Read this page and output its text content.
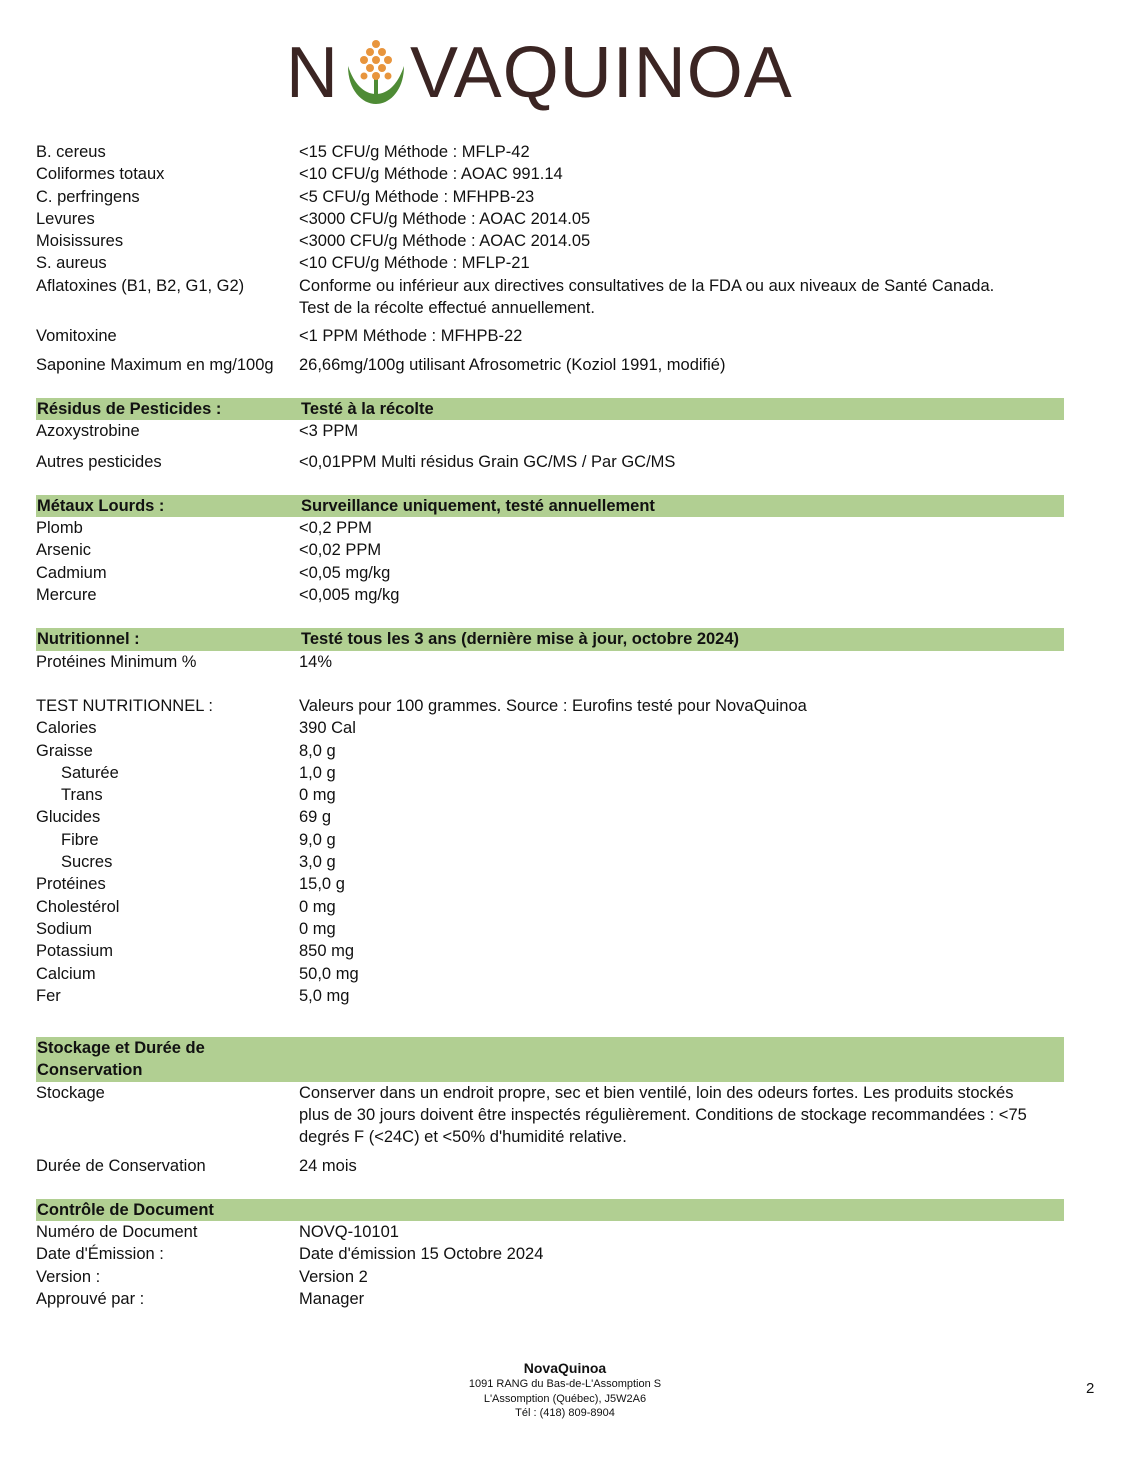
N VAQUINOA
B. cereus	<15 CFU/g Méthode : MFLP-42
Coliformes totaux	<10 CFU/g Méthode : AOAC 991.14
C. perfringens	<5 CFU/g Méthode : MFHPB-23
Levures	<3000 CFU/g Méthode : AOAC 2014.05
Moisissures	<3000 CFU/g Méthode : AOAC 2014.05
S. aureus	<10 CFU/g Méthode : MFLP-21
Aflatoxines (B1, B2, G1, G2)	Conforme ou inférieur aux directives consultatives de la FDA ou aux niveaux de Santé Canada.
Test de la récolte effectué annuellement.
Vomitoxine	<1 PPM Méthode : MFHPB-22
Saponine Maximum en mg/100g	26,66mg/100g utilisant Afrosometric (Koziol 1991, modifié)
Résidus de Pesticides :	Testé à la récolte
Azoxystrobine	<3 PPM
Autres pesticides	<0,01PPM Multi résidus Grain GC/MS / Par GC/MS
Métaux Lourds :	Surveillance uniquement, testé annuellement
Plomb	<0,2 PPM
Arsenic	<0,02 PPM
Cadmium	<0,05 mg/kg
Mercure	<0,005 mg/kg
Nutritionnel :	Testé tous les 3 ans (dernière mise à jour, octobre 2024)
Protéines Minimum %	14%
TEST NUTRITIONNEL :	Valeurs pour 100 grammes. Source : Eurofins testé pour NovaQuinoa
Calories	390 Cal
Graisse	8,0 g
Saturée	1,0 g
Trans	0 mg
Glucides	69 g
Fibre	9,0 g
Sucres	3,0 g
Protéines	15,0 g
Cholestérol	0 mg
Sodium	0 mg
Potassium	850 mg
Calcium	50,0 mg
Fer	5,0 mg
Stockage et Durée de
Conservation
Stockage	Conserver dans un endroit propre, sec et bien ventilé, loin des odeurs fortes. Les produits stockés
plus de 30 jours doivent être inspectés régulièrement. Conditions de stockage recommandées : <75
degrés F (<24C) et <50% d'humidité relative.
Durée de Conservation	24 mois
Contrôle de Document
Numéro de Document	NOVQ-10101
Date d'Émission :	Date d'émission 15 Octobre 2024
Version :	Version 2
Approuvé par :	Manager
NovaQuinoa
1091 RANG du Bas-de-L'Assomption S
L'Assomption (Québec), J5W2A6
Tél : (418) 809-8904
2
